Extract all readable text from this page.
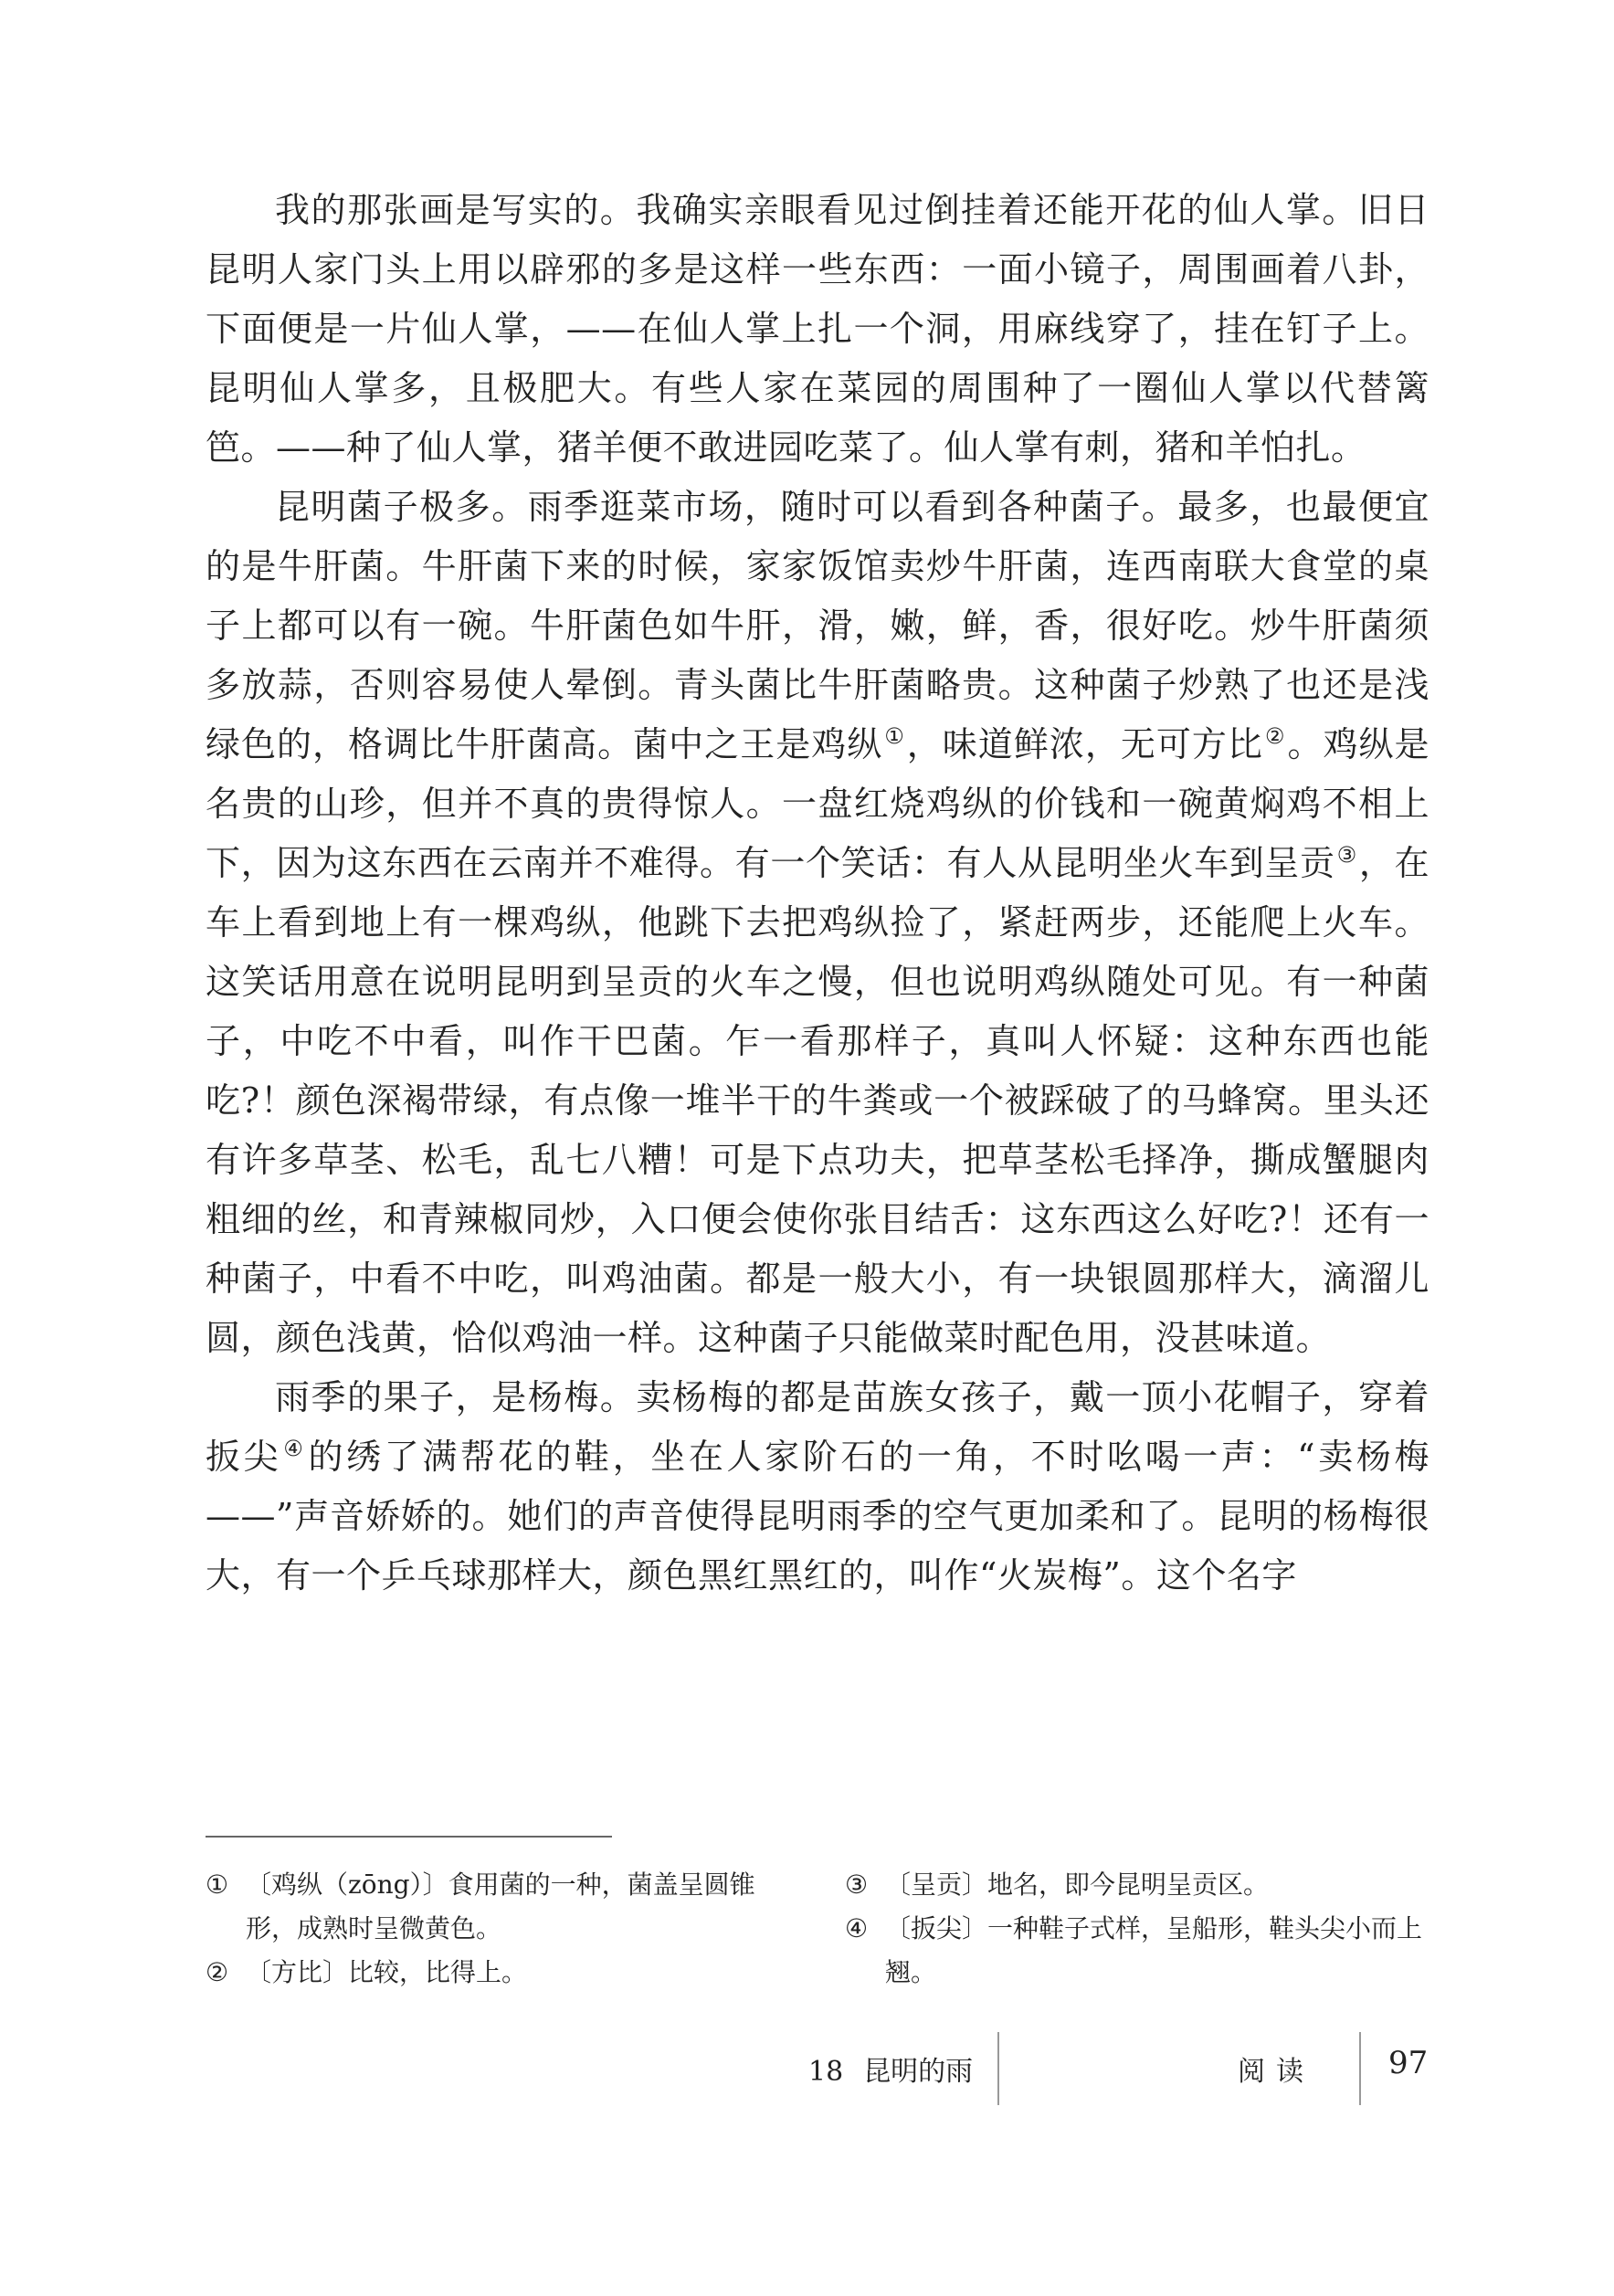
我的那张画是写实的。我确实亲眼看见过倒挂着还能开花的仙人掌。旧日昆明人家门头上用以辟邪的多是这样一些东西：一面小镜子，周围画着八卦，下面便是一片仙人掌，——在仙人掌上扎一个洞，用麻线穿了，挂在钉子上。昆明仙人掌多，且极肥大。有些人家在菜园的周围种了一圈仙人掌以代替篱笆。——种了仙人掌，猪羊便不敢进园吃菜了。仙人掌有刺，猪和羊怕扎。

昆明菌子极多。雨季逛菜市场，随时可以看到各种菌子。最多，也最便宜的是牛肝菌。牛肝菌下来的时候，家家饭馆卖炒牛肝菌，连西南联大食堂的桌子上都可以有一碗。牛肝菌色如牛肝，滑，嫩，鲜，香，很好吃。炒牛肝菌须多放蒜，否则容易使人晕倒。青头菌比牛肝菌略贵。这种菌子炒熟了也还是浅绿色的，格调比牛肝菌高。菌中之王是鸡纵①，味道鲜浓，无可方比②。鸡纵是名贵的山珍，但并不真的贵得惊人。一盘红烧鸡纵的价钱和一碗黄焖鸡不相上下，因为这东西在云南并不难得。有一个笑话：有人从昆明坐火车到呈贡③，在车上看到地上有一棵鸡纵，他跳下去把鸡纵捡了，紧赶两步，还能爬上火车。这笑话用意在说明昆明到呈贡的火车之慢，但也说明鸡纵随处可见。有一种菌子，中吃不中看，叫作干巴菌。乍一看那样子，真叫人怀疑：这种东西也能吃?！颜色深褐带绿，有点像一堆半干的牛粪或一个被踩破了的马蜂窝。里头还有许多草茎、松毛，乱七八糟！可是下点功夫，把草茎松毛择净，撕成蟹腿肉粗细的丝，和青辣椒同炒，入口便会使你张目结舌：这东西这么好吃?！还有一种菌子，中看不中吃，叫鸡油菌。都是一般大小，有一块银圆那样大，滴溜儿圆，颜色浅黄，恰似鸡油一样。这种菌子只能做菜时配色用，没甚味道。

雨季的果子，是杨梅。卖杨梅的都是苗族女孩子，戴一顶小花帽子，穿着扳尖④的绣了满帮花的鞋，坐在人家阶石的一角，不时吆喝一声：“卖杨梅——”声音娇娇的。她们的声音使得昆明雨季的空气更加柔和了。昆明的杨梅很大，有一个乒乓球那样大，颜色黑红黑红的，叫作“火炭梅”。这个名字

① 〔鸡纵（zōng）〕食用菌的一种，菌盖呈圆锥形，成熟时呈微黄色。

② 〔方比〕比较，比得上。

③ 〔呈贡〕地名，即今昆明呈贡区。

④ 〔扳尖〕一种鞋子式样，呈船形，鞋头尖小而上翘。

18 昆明的雨	阅读 97
